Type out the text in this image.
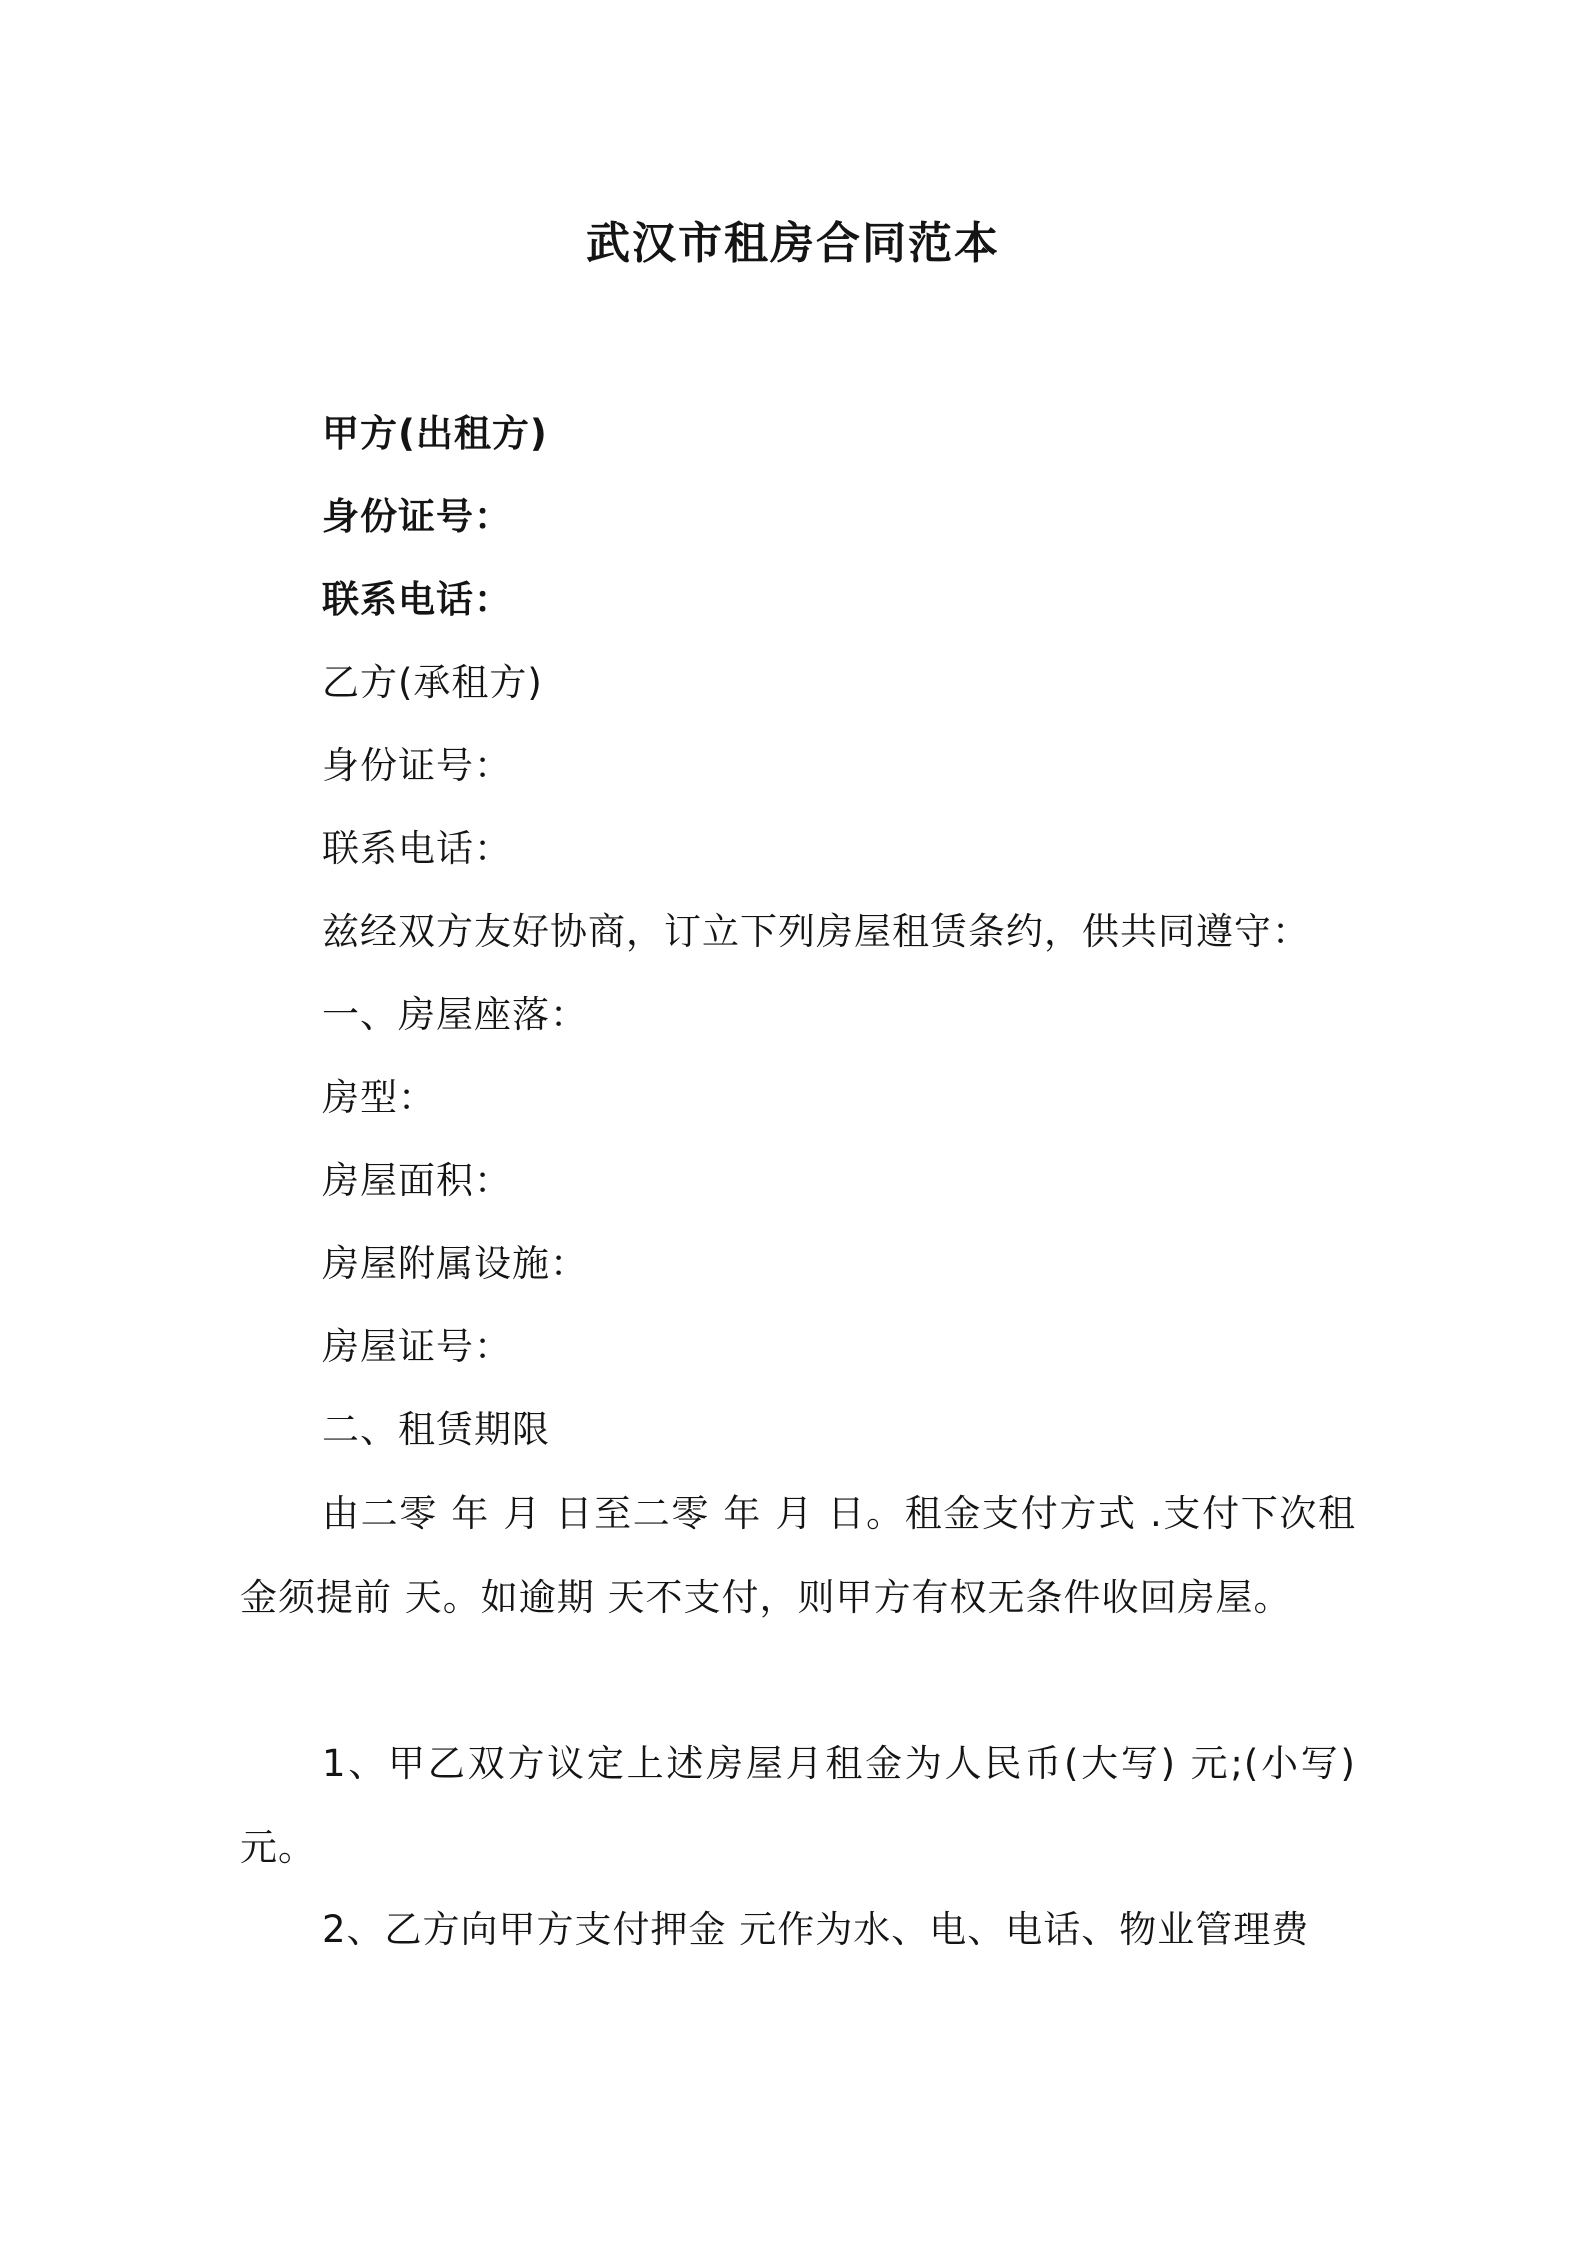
武汉市租房合同范本
甲方(出租方)
身份证号：
联系电话：
乙方(承租方)
身份证号：
联系电话：
兹经双方友好协商，订立下列房屋租赁条约，供共同遵守：
一、房屋座落：
房型：
房屋面积：
房屋附属设施：
房屋证号：
二、租赁期限

由二零 年 月 日至二零 年 月 日。租金支付方式 .支付下次租金须提前 天。如逾期 天不支付，则甲方有权无条件收回房屋。

1、甲乙双方议定上述房屋月租金为人民币(大写) 元;(小写) 元。

2、乙方向甲方支付押金 元作为水、电、电话、物业管理费
